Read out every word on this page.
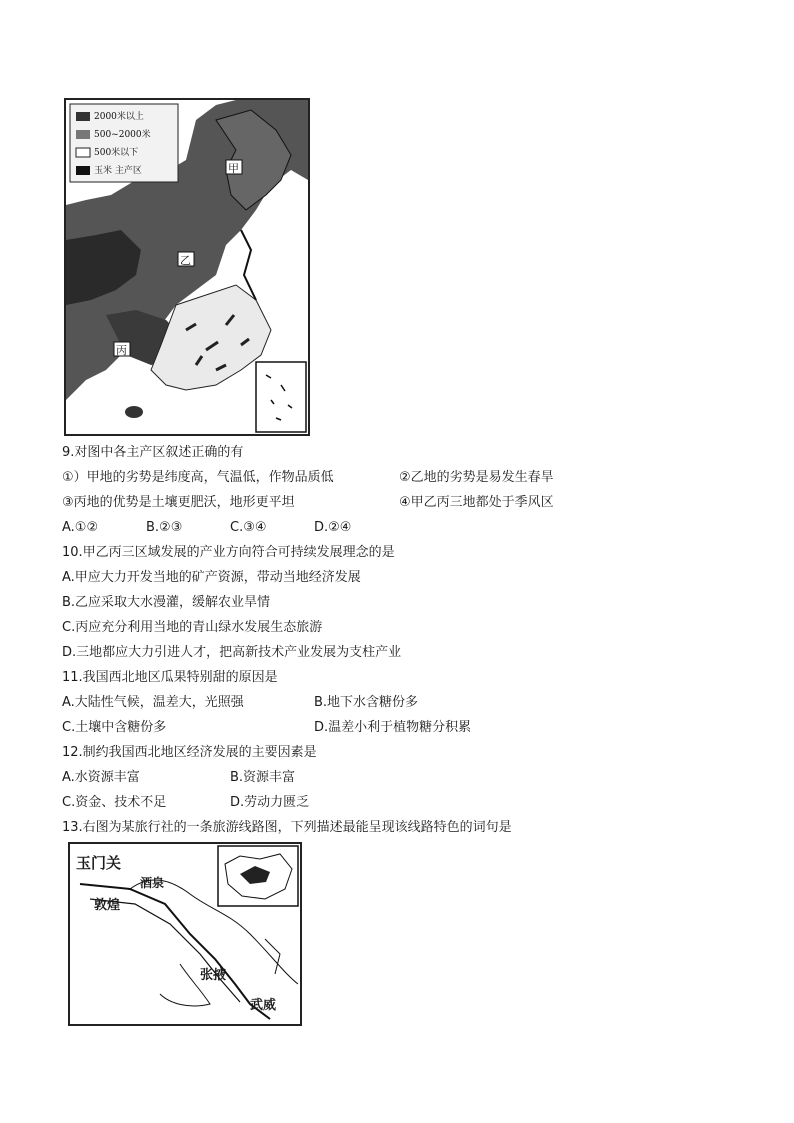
2000米以上
500~2000米
500米以下
玉米 主产区	甲
乙
丙
9.对图中各主产区叙述正确的有
①）甲地的劣势是纬度高，气温低，作物品质低	②乙地的劣势是易发生春旱
③丙地的优势是土壤更肥沃，地形更平坦	④甲乙丙三地都处于季风区
A.①②	B.②③	C.③④	D.②④
10.甲乙丙三区域发展的产业方向符合可持续发展理念的是
A.甲应大力开发当地的矿产资源，带动当地经济发展
B.乙应采取大水漫灌，缓解农业旱情
C.丙应充分利用当地的青山绿水发展生态旅游
D.三地都应大力引进人才，把高新技术产业发展为支柱产业
11.我国西北地区瓜果特别甜的原因是
A.大陆性气候，温差大，光照强	B.地下水含糖份多
C.土壤中含糖份多	D.温差小利于植物糖分积累
12.制约我国西北地区经济发展的主要因素是
A.水资源丰富	B.资源丰富
C.资金、技术不足	D.劳动力匮乏
13.右图为某旅行社的一条旅游线路图，下列描述最能呈现该线路特色的词句是
玉门关
酒泉
敦煌
张掖
武威
